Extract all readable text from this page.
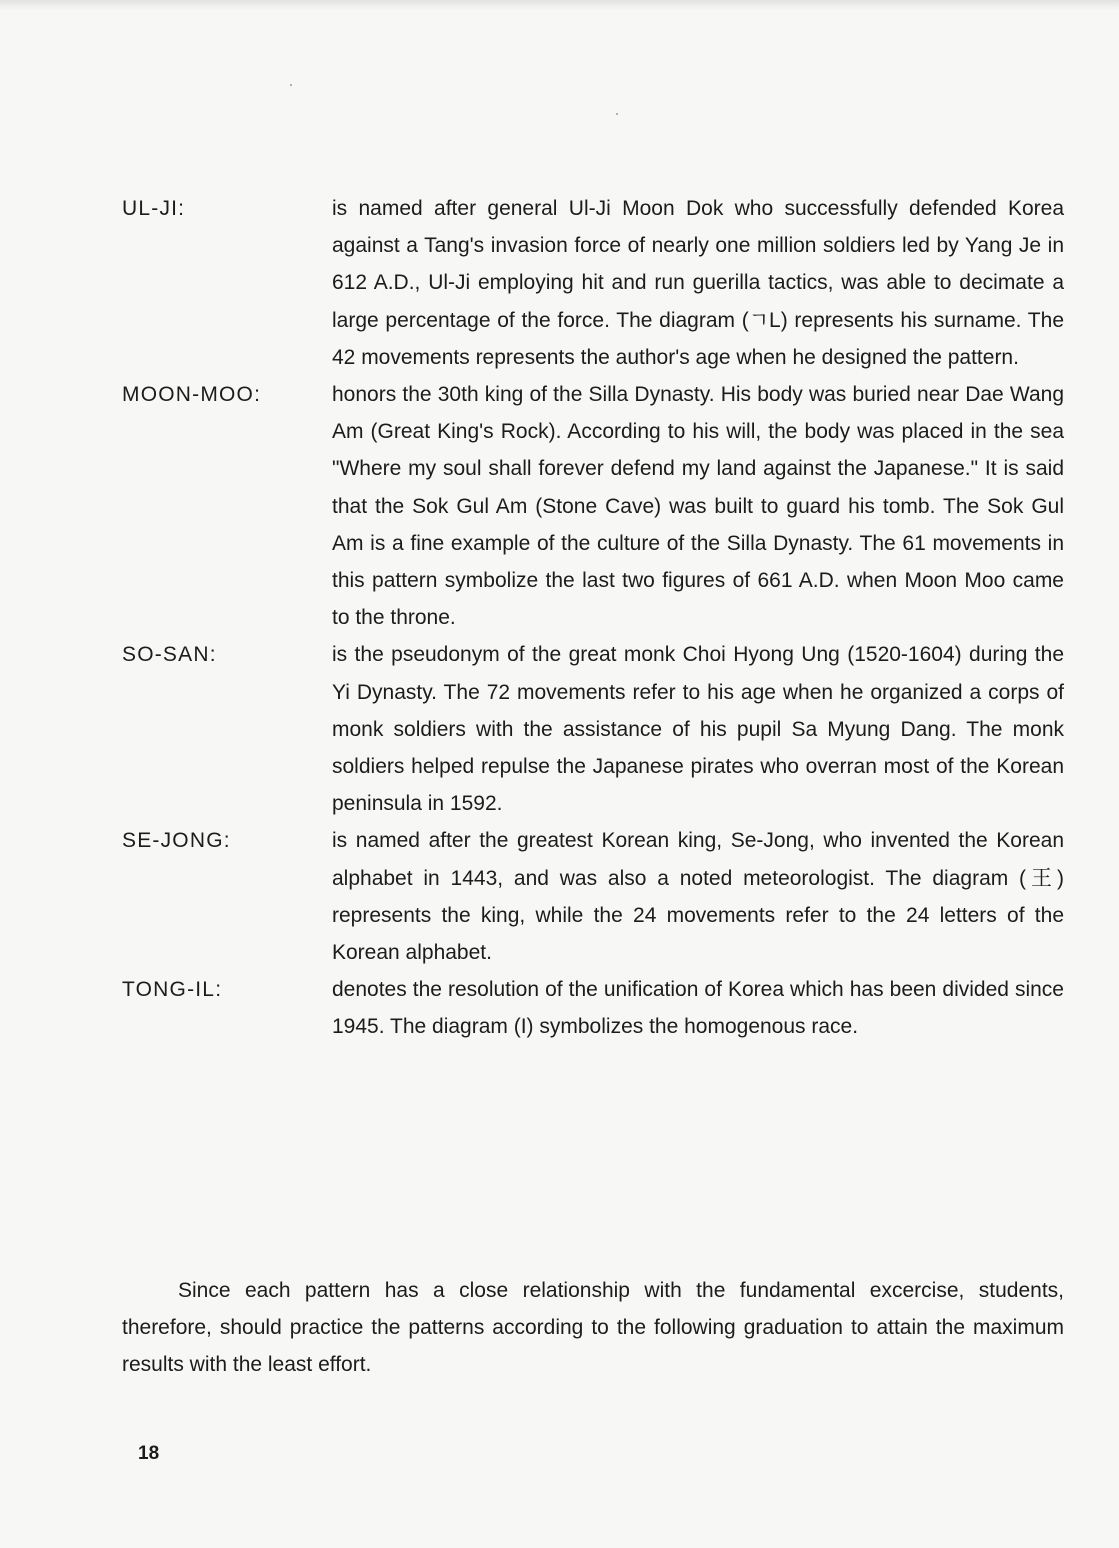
UL-JI:	is named after general Ul-Ji Moon Dok who successfully defended Korea against a Tang's invasion force of nearly one million soldiers led by Yang Je in 612 A.D., Ul-Ji employing hit and run guerilla tactics, was able to decimate a large percentage of the force. The diagram (ㄱL) represents his surname. The 42 movements represents the author's age when he designed the pattern.
MOON-MOO:	honors the 30th king of the Silla Dynasty. His body was buried near Dae Wang Am (Great King's Rock). According to his will, the body was placed in the sea "Where my soul shall forever defend my land against the Japanese." It is said that the Sok Gul Am (Stone Cave) was built to guard his tomb. The Sok Gul Am is a fine example of the culture of the Silla Dynasty. The 61 movements in this pattern symbolize the last two figures of 661 A.D. when Moon Moo came to the throne.
SO-SAN:	is the pseudonym of the great monk Choi Hyong Ung (1520-1604) during the Yi Dynasty. The 72 movements refer to his age when he organized a corps of monk soldiers with the assistance of his pupil Sa Myung Dang. The monk soldiers helped repulse the Japanese pirates who overran most of the Korean peninsula in 1592.
SE-JONG:	is named after the greatest Korean king, Se-Jong, who invented the Korean alphabet in 1443, and was also a noted meteorologist. The diagram (王) represents the king, while the 24 movements refer to the 24 letters of the Korean alphabet.
TONG-IL:	denotes the resolution of the unification of Korea which has been divided since 1945. The diagram (I) symbolizes the homogenous race.

Since each pattern has a close relationship with the fundamental excercise, students, therefore, should practice the patterns according to the following graduation to attain the maximum results with the least effort.

18
